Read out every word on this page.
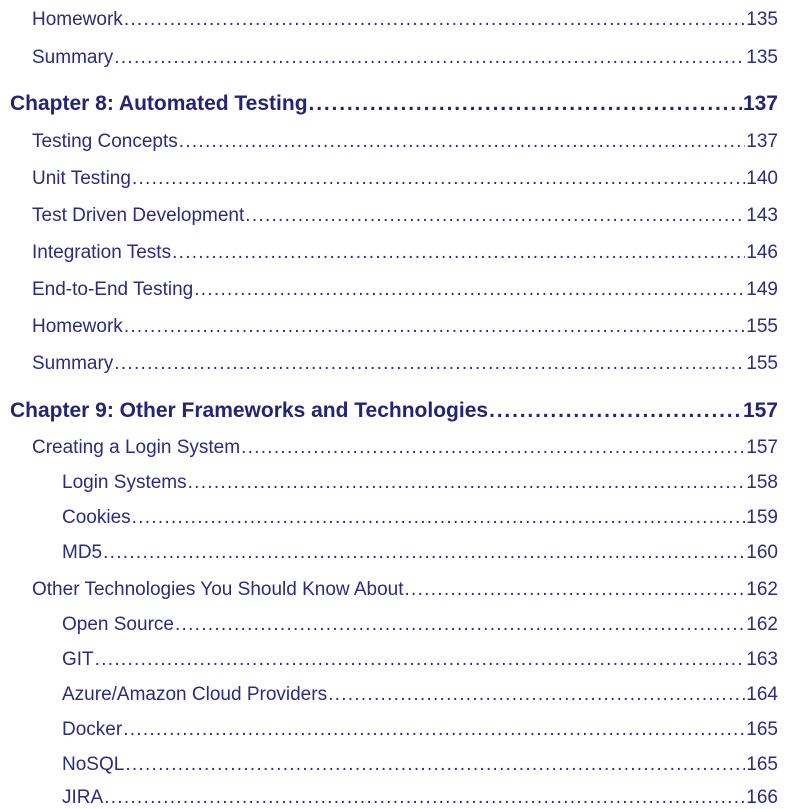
Homework . . .	135
Summary . . .	135
Chapter 8: Automated Testing . . .	137
Testing Concepts . . .	137
Unit Testing . . .	140
Test Driven Development . . .	143
Integration Tests . . .	146
End-to-End Testing . . .	149
Homework . . .	155
Summary . . .	155
Chapter 9: Other Frameworks and Technologies . . .	157
Creating a Login System . . .	157
Login Systems . . .	158
Cookies . . .	159
MD5 . . .	160
Other Technologies You Should Know About . . .	162
Open Source . . .	162
GIT . . .	163
Azure/Amazon Cloud Providers . . .	164
Docker . . .	165
NoSQL . . .	165
JIRA . . .	166
